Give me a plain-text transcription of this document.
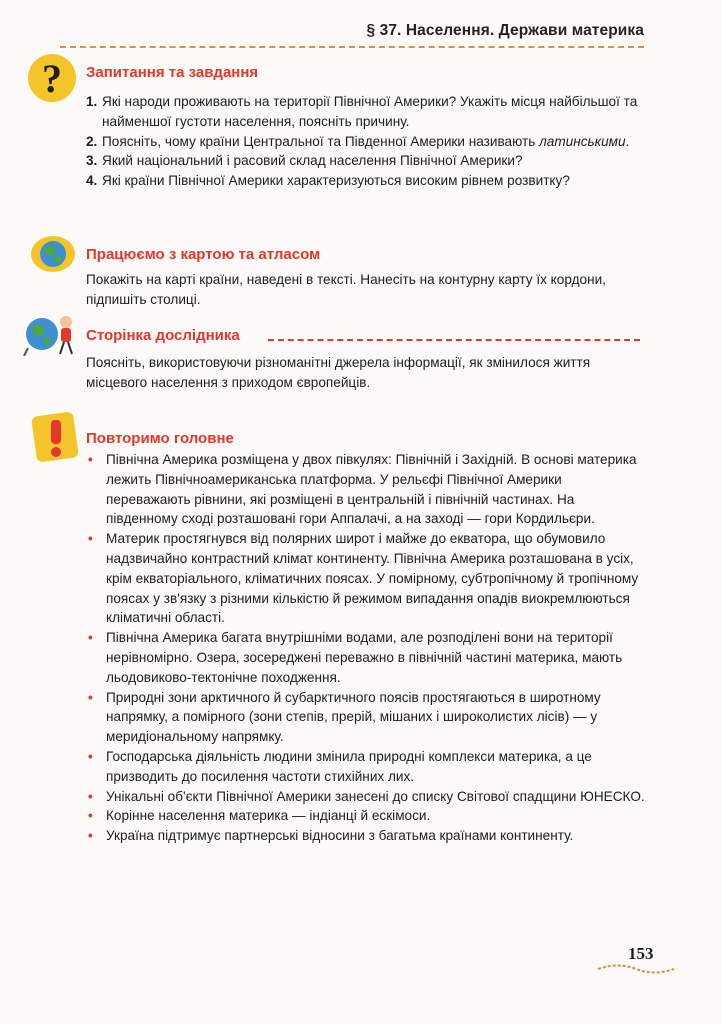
§ 37. Населення. Держави материка
? Запитання та завдання
1. Які народи проживають на території Північної Америки? Укажіть місця найбільшої та найменшої густоти населення, поясніть причину.
2. Поясніть, чому країни Центральної та Південної Америки називають латинськими.
3. Який національний і расовий склад населення Північної Америки?
4. Які країни Північної Америки характеризуються високим рівнем розвитку?
Працюємо з картою та атласом
Покажіть на карті країни, наведені в тексті. Нанесіть на контурну карту їх кордони, підпишіть столиці.
Сторінка дослідника
Поясніть, використовуючи різноманітні джерела інформації, як змінилося життя місцевого населення з приходом європейців.
Повторимо головне
• Північна Америка розміщена у двох півкулях: Північній і Західній. В основі материка лежить Північноамериканська платформа. У рельєфі Північної Америки переважають рівнини, які розміщені в центральній і північній частинах. На південному сході розташовані гори Аппалачі, а на заході — гори Кордильєри.
• Материк простягнувся від полярних широт і майже до екватора, що обумовило надзвичайно контрастний клімат континенту. Північна Америка розташована в усіх, крім екваторіального, кліматичних поясах. У помірному, субтропічному й тропічному поясах у зв'язку з різними кількістю й режимом випадання опадів виокремлюються кліматичні області.
• Північна Америка багата внутрішніми водами, але розподілені вони на території нерівномірно. Озера, зосереджені переважно в північній частині материка, мають льодовиково-тектонічне походження.
• Природні зони арктичного й субарктичного поясів простягаються в широтному напрямку, а помірного (зони степів, прерій, мішаних і широколистих лісів) — у меридіональному напрямку.
• Господарська діяльність людини змінила природні комплекси материка, а це призводить до посилення частоти стихійних лих.
• Унікальні об'єкти Північної Америки занесені до списку Світової спадщини ЮНЕСКО.
• Корінне населення материка — індіанці й ескімоси.
• Україна підтримує партнерські відносини з багатьма країнами континенту.
153
